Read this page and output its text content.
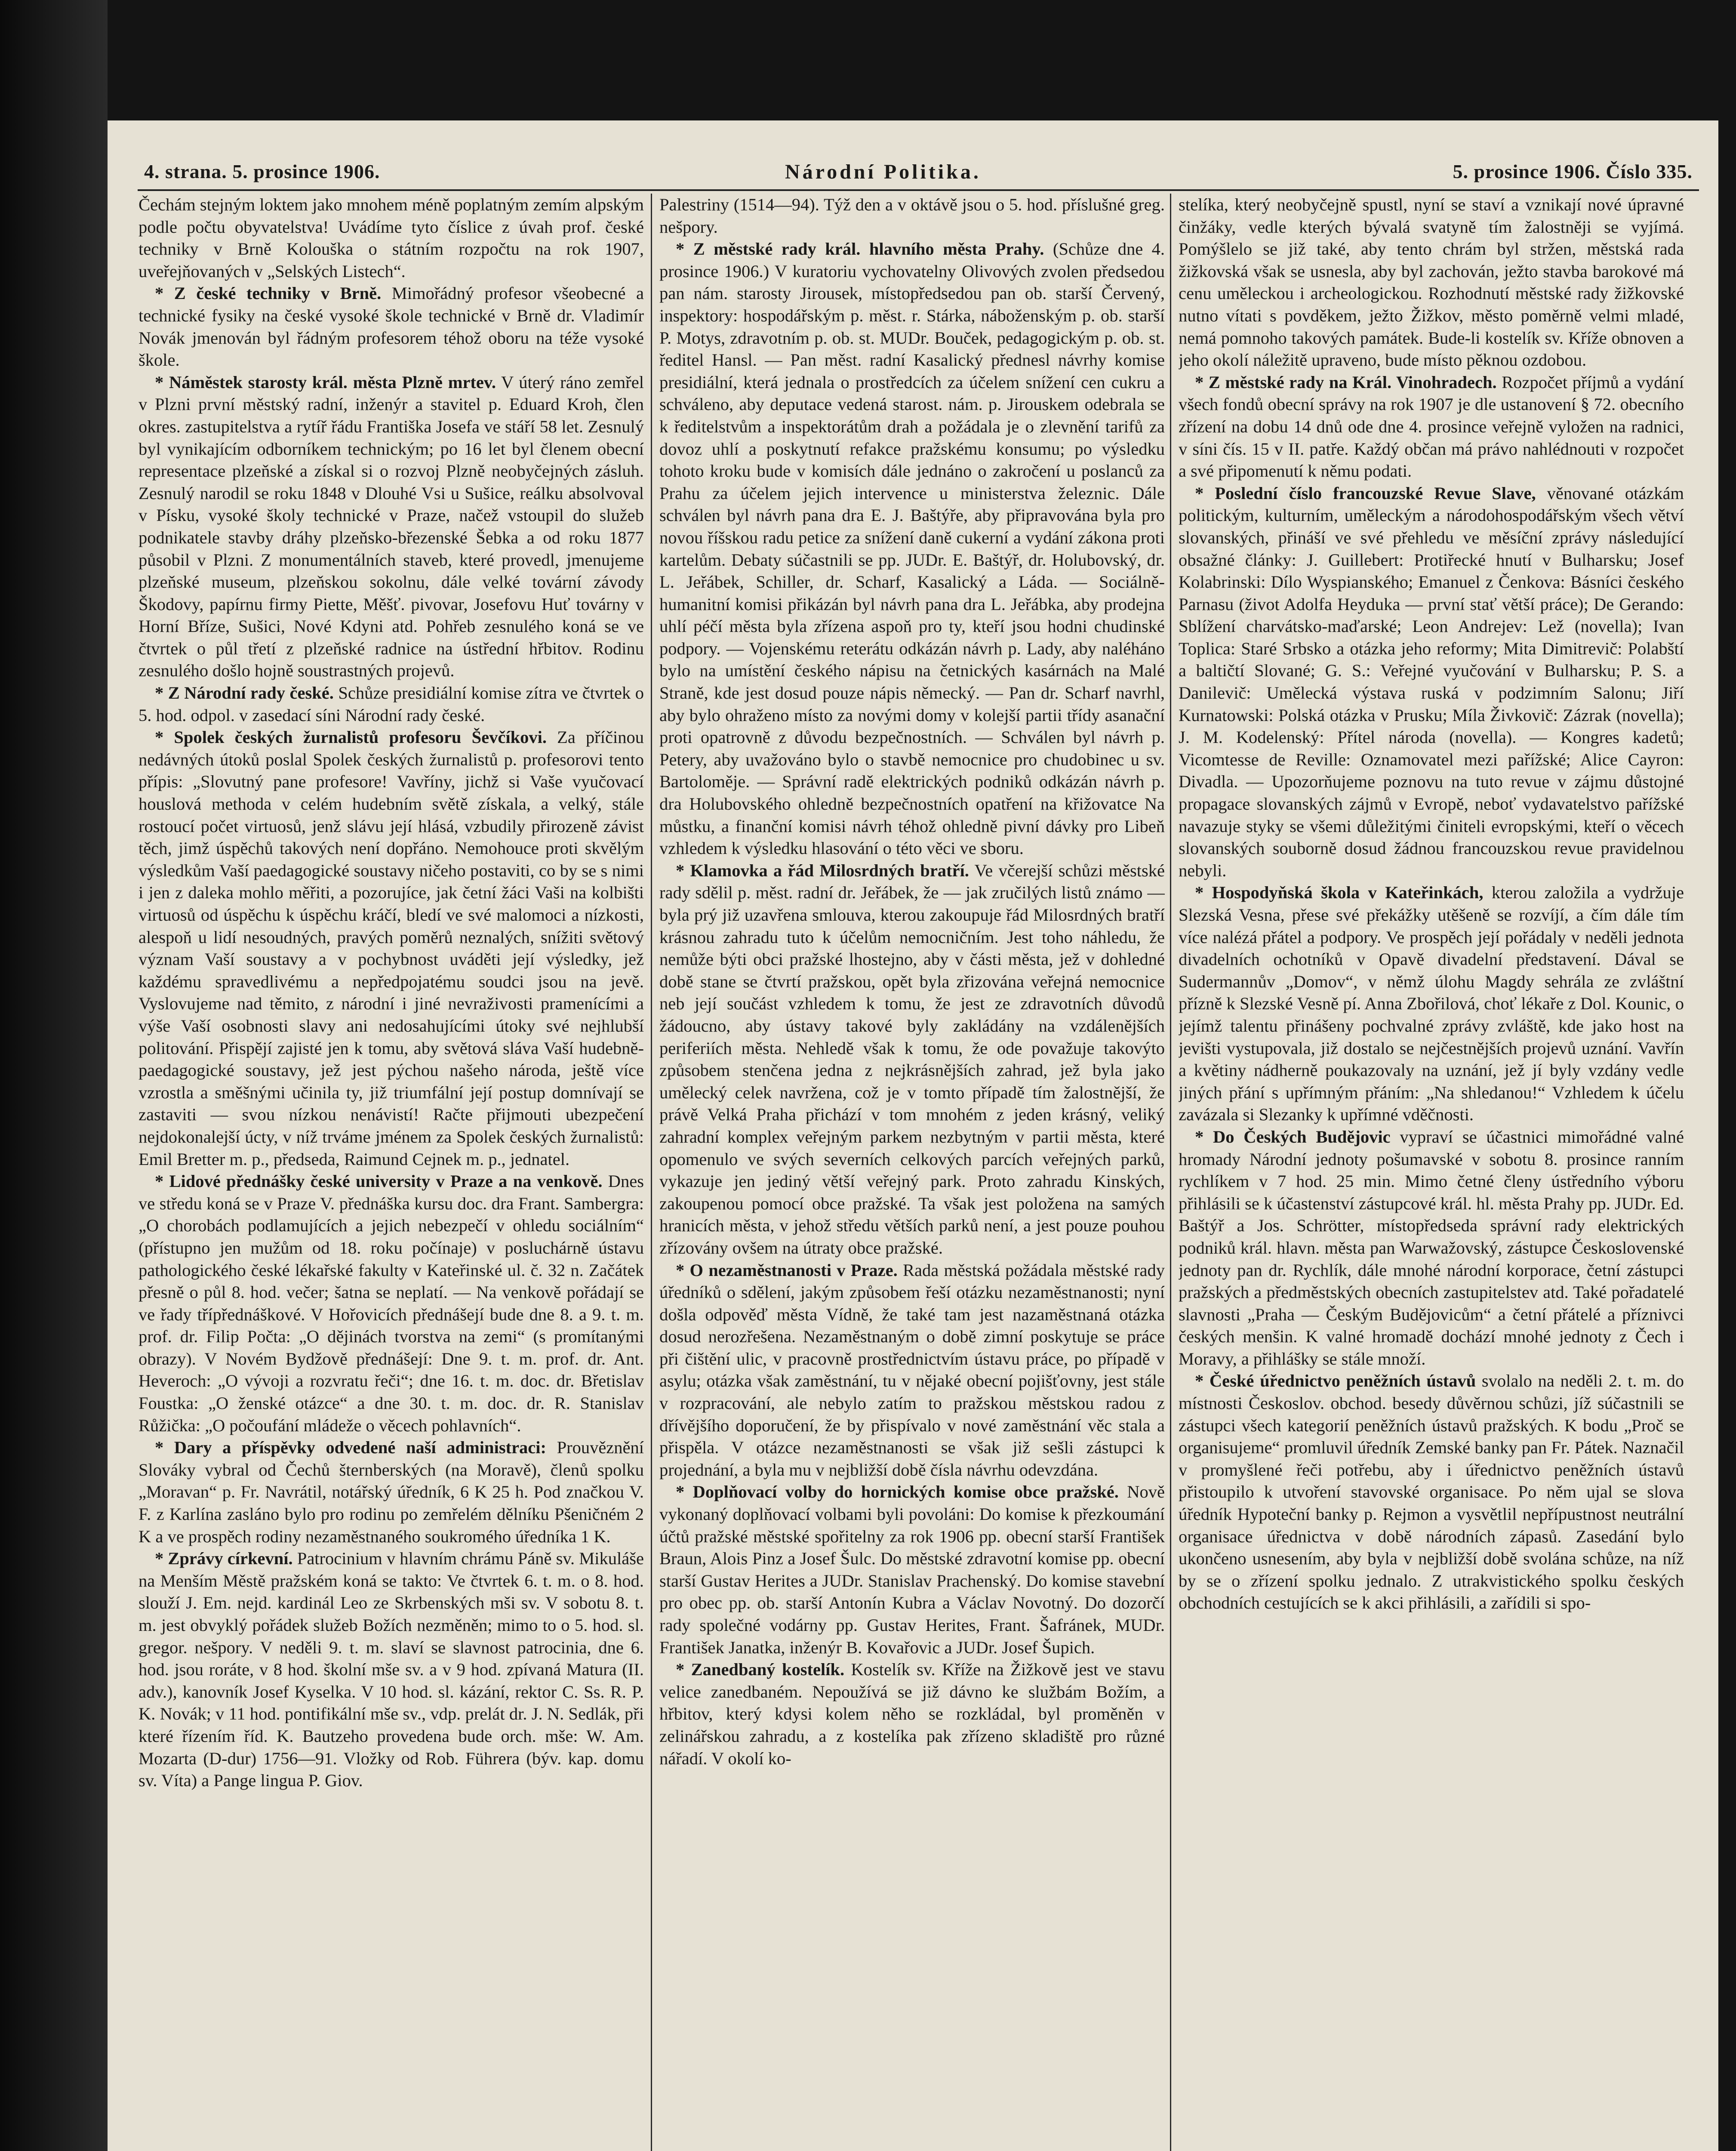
4. strana. 5. prosince 1906.	Národní Politika.	5. prosince 1906. Číslo 335.

Čechám stejným loktem jako mnohem méně poplatným zemím alpským podle počtu obyvatelstva! Uvádíme tyto číslice z úvah prof. české techniky v Brně Kolouška o státním rozpočtu na rok 1907, uveřejňovaných v „Selských Listech“.

* Z české techniky v Brně. Mimořádný profesor všeobecné a technické fysiky na české vysoké škole technické v Brně dr. Vladimír Novák jmenován byl řádným profesorem téhož oboru na téže vysoké škole.

* Náměstek starosty král. města Plzně mrtev. V úterý ráno zemřel v Plzni první městský radní, inženýr a stavitel p. Eduard Kroh, člen okres. zastupitelstva a rytíř řádu Františka Josefa ve stáří 58 let. Zesnulý byl vynikajícím odborníkem technickým; po 16 let byl členem obecní representace plzeňské a získal si o rozvoj Plzně neobyčejných zásluh. Zesnulý narodil se roku 1848 v Dlouhé Vsi u Sušice, reálku absolvoval v Písku, vysoké školy technické v Praze, načež vstoupil do služeb podnikatele stavby dráhy plzeňsko-březenské Šebka a od roku 1877 působil v Plzni. Z monumentálních staveb, které provedl, jmenujeme plzeňské museum, plzeňskou sokolnu, dále velké tovární závody Škodovy, papírnu firmy Piette, Měšť. pivovar, Josefovu Huť továrny v Horní Bříze, Sušici, Nové Kdyni atd. Pohřeb zesnulého koná se ve čtvrtek o půl třetí z plzeňské radnice na ústřední hřbitov. Rodinu zesnulého došlo hojně soustrastných projevů.

* Z Národní rady české. Schůze presidiální komise zítra ve čtvrtek o 5. hod. odpol. v zasedací síni Národní rady české.

* Spolek českých žurnalistů profesoru Ševčíkovi. Za příčinou nedávných útoků poslal Spolek českých žurnalistů p. profesorovi tento přípis: „Slovutný pane profesore! Vavříny, jichž si Vaše vyučovací houslová methoda v celém hudebním světě získala, a velký, stále rostoucí počet virtuosů, jenž slávu její hlásá, vzbudily přirozeně závist těch, jimž úspěchů takových není dopřáno. Nemohouce proti skvělým výsledkům Vaší paedagogické soustavy ničeho postaviti, co by se s nimi i jen z daleka mohlo měřiti, a pozorujíce, jak četní žáci Vaši na kolbišti virtuosů od úspěchu k úspěchu kráčí, bledí ve své malomoci a nízkosti, alespoň u lidí nesoudných, pravých poměrů neznalých, snížiti světový význam Vaší soustavy a v pochybnost uváděti její výsledky, jež každému spravedlivému a nepředpojatému soudci jsou na jevě. Vyslovujeme nad těmito, z národní i jiné nevraživosti pramenícími a výše Vaší osobnosti slavy ani nedosahujícími útoky své nejhlubší politování. Přispějí zajisté jen k tomu, aby světová sláva Vaší hudebně-paedagogické soustavy, jež jest pýchou našeho národa, ještě více vzrostla a směšnými učinila ty, již triumfální její postup domnívají se zastaviti — svou nízkou nenávistí! Račte přijmouti ubezpečení nejdokonalejší úcty, v níž trváme jménem za Spolek českých žurnalistů: Emil Bretter m. p., předseda, Raimund Cejnek m. p., jednatel.

* Lidové přednášky české university v Praze a na venkově. Dnes ve středu koná se v Praze V. přednáška kursu doc. dra Frant. Sambergra: „O chorobách podlamujících a jejich nebezpečí v ohledu sociálním“ (přístupno jen mužům od 18. roku počínaje) v posluchárně ústavu pathologického české lékařské fakulty v Kateřinské ul. č. 32 n. Začátek přesně o půl 8. hod. večer; šatna se neplatí. — Na venkově pořádají se ve řady třípřednáškové. V Hořovicích přednášejí bude dne 8. a 9. t. m. prof. dr. Filip Počta: „O dějinách tvorstva na zemi“ (s promítanými obrazy). V Novém Bydžově přednášejí: Dne 9. t. m. prof. dr. Ant. Heveroch: „O vývoji a rozvratu řeči“; dne 16. t. m. doc. dr. Břetislav Foustka: „O ženské otázce“ a dne 30. t. m. doc. dr. R. Stanislav Růžička: „O počoufání mládeže o věcech pohlavních“.

* Dary a příspěvky odvedené naší administraci: Prouvěznění Slováky vybral od Čechů šternberských (na Moravě), členů spolku „Moravan“ p. Fr. Navrátil, notářský úředník, 6 K 25 h. Pod značkou V. F. z Karlína zasláno bylo pro rodinu po zemřelém dělníku Pšeničném 2 K a ve prospěch rodiny nezaměstnaného soukromého úředníka 1 K.

* Zprávy církevní. Patrocinium v hlavním chrámu Páně sv. Mikuláše na Menším Městě pražském koná se takto: Ve čtvrtek 6. t. m. o 8. hod. slouží J. Em. nejd. kardinál Leo ze Skrbenských mši sv. V sobotu 8. t. m. jest obvyklý pořádek služeb Božích nezměněn; mimo to o 5. hod. sl. gregor. nešpory. V neděli 9. t. m. slaví se slavnost patrocinia, dne 6. hod. jsou roráte, v 8 hod. školní mše sv. a v 9 hod. zpívaná Matura (II. adv.), kanovník Josef Kyselka. V 10 hod. sl. kázání, rektor C. Ss. R. P. K. Novák; v 11 hod. pontifikální mše sv., vdp. prelát dr. J. N. Sedlák, při které řízením říd. K. Bautzeho provedena bude orch. mše: W. Am. Mozarta (D-dur) 1756—91. Vložky od Rob. Führera (býv. kap. domu sv. Víta) a Pange lingua P. Giov.

Palestriny (1514—94). Týž den a v oktávě jsou o 5. hod. příslušné greg. nešpory.

* Z městské rady král. hlavního města Prahy. (Schůze dne 4. prosince 1906.) V kuratoriu vychovatelny Olivových zvolen předsedou pan nám. starosty Jirousek, místopředsedou pan ob. starší Červený, inspektory: hospodářským p. měst. r. Stárka, náboženským p. ob. starší P. Motys, zdravotním p. ob. st. MUDr. Bouček, pedagogickým p. ob. st. ředitel Hansl. — Pan měst. radní Kasalický přednesl návrhy komise presidiální, která jednala o prostředcích za účelem snížení cen cukru a schváleno, aby deputace vedená starost. nám. p. Jirouskem odebrala se k ředitelstvům a inspektorátům drah a požádala je o zlevnění tarifů za dovoz uhlí a poskytnutí refakce pražskému konsumu; po výsledku tohoto kroku bude v komisích dále jednáno o zakročení u poslanců za Prahu za účelem jejich intervence u ministerstva železnic. Dále schválen byl návrh pana dra E. J. Baštýře, aby připravována byla pro novou říšskou radu petice za snížení daně cukerní a vydání zákona proti kartelům. Debaty súčastnili se pp. JUDr. E. Baštýř, dr. Holubovský, dr. L. Jeřábek, Schiller, dr. Scharf, Kasalický a Láda. — Sociálně-humanitní komisi přikázán byl návrh pana dra L. Jeřábka, aby prodejna uhlí péčí města byla zřízena aspoň pro ty, kteří jsou hodni chudinské podpory. — Vojenskému reterátu odkázán návrh p. Lady, aby naléháno bylo na umístění českého nápisu na četnických kasárnách na Malé Straně, kde jest dosud pouze nápis německý. — Pan dr. Scharf navrhl, aby bylo ohraženo místo za novými domy v kolejší partii třídy asanační proti opatrovně z důvodu bezpečnostních. — Schválen byl návrh p. Petery, aby uvažováno bylo o stavbě nemocnice pro chudobinec u sv. Bartoloměje. — Správní radě elektrických podniků odkázán návrh p. dra Holubovského ohledně bezpečnostních opatření na křižovatce Na můstku, a finanční komisi návrh téhož ohledně pivní dávky pro Libeň vzhledem k výsledku hlasování o této věci ve sboru.

* Klamovka a řád Milosrdných bratří. Ve včerejší schůzi městské rady sdělil p. měst. radní dr. Jeřábek, že — jak zručilých listů známo — byla prý již uzavřena smlouva, kterou zakoupuje řád Milosrdných bratří krásnou zahradu tuto k účelům nemocničním. Jest toho náhledu, že nemůže býti obci pražské lhostejno, aby v části města, jež v dohledné době stane se čtvrtí pražskou, opět byla zřizována veřejná nemocnice neb její součást vzhledem k tomu, že jest ze zdravotních důvodů žádoucno, aby ústavy takové byly zakládány na vzdálenějších periferiích města. Nehledě však k tomu, že ode považuje takovýto způsobem stenčena jedna z nejkrásnějších zahrad, jež byla jako umělecký celek navržena, což je v tomto případě tím žalostnější, že právě Velká Praha přichází v tom mnohém z jeden krásný, veliký zahradní komplex veřejným parkem nezbytným v partii města, které opomenulo ve svých severních celkových parcích veřejných parků, vykazuje jen jediný větší veřejný park. Proto zahradu Kinských, zakoupenou pomocí obce pražské. Ta však jest položena na samých hranicích města, v jehož středu větších parků není, a jest pouze pouhou zřízovány ovšem na útraty obce pražské.

* O nezaměstnanosti v Praze. Rada městská požádala městské rady úředníků o sdělení, jakým způsobem řeší otázku nezaměstnanosti; nyní došla odpověď města Vídně, že také tam jest nazaměstnaná otázka dosud nerozřešena. Nezaměstnaným o době zimní poskytuje se práce při čištění ulic, v pracovně prostřednictvím ústavu práce, po případě v asylu; otázka však zaměstnání, tu v nějaké obecní pojišťovny, jest stále v rozpracování, ale nebylo zatím to pražskou městskou radou z dřívějšího doporučení, že by přispívalo v nové zaměstnání věc stala a přispěla. V otázce nezaměstnanosti se však již sešli zástupci k projednání, a byla mu v nejbližší době čísla návrhu odevzdána.

* Doplňovací volby do hornických komise obce pražské. Nově vykonaný doplňovací volbami byli povoláni: Do komise k přezkoumání účtů pražské městské spořitelny za rok 1906 pp. obecní starší František Braun, Alois Pinz a Josef Šulc. Do městské zdravotní komise pp. obecní starší Gustav Herites a JUDr. Stanislav Prachenský. Do komise stavební pro obec pp. ob. starší Antonín Kubra a Václav Novotný. Do dozorčí rady společné vodárny pp. Gustav Herites, Frant. Šafránek, MUDr. František Janatka, inženýr B. Kovařovic a JUDr. Josef Šupich.

* Zanedbaný kostelík. Kostelík sv. Kříže na Žižkově jest ve stavu velice zanedbaném. Nepoužívá se již dávno ke službám Božím, a hřbitov, který kdysi kolem něho se rozkládal, byl proměněn v zelinářskou zahradu, a z kostelíka pak zřízeno skladiště pro různé nářadí. V okolí ko-

stelíka, který neobyčejně spustl, nyní se staví a vznikají nové úpravné činžáky, vedle kterých bývalá svatyně tím žalostněji se vyjímá. Pomýšlelo se již také, aby tento chrám byl stržen, městská rada žižkovská však se usnesla, aby byl zachován, ježto stavba barokové má cenu uměleckou i archeologickou. Rozhodnutí městské rady žižkovské nutno vítati s povděkem, ježto Žižkov, město poměrně velmi mladé, nemá pomnoho takových památek. Bude-li kostelík sv. Kříže obnoven a jeho okolí náležitě upraveno, bude místo pěknou ozdobou.

* Z městské rady na Král. Vinohradech. Rozpočet příjmů a vydání všech fondů obecní správy na rok 1907 je dle ustanovení § 72. obecního zřízení na dobu 14 dnů ode dne 4. prosince veřejně vyložen na radnici, v síni čís. 15 v II. patře. Každý občan má právo nahlédnouti v rozpočet a své připomenutí k němu podati.

* Poslední číslo francouzské Revue Slave, věnované otázkám politickým, kulturním, uměleckým a národohospodářským všech větví slovanských, přináší ve své přehledu ve měsíční zprávy následující obsažné články: J. Guillebert: Protiřecké hnutí v Bulharsku; Josef Kolabrinski: Dílo Wyspianského; Emanuel z Čenkova: Básníci českého Parnasu (život Adolfa Heyduka — první stať větší práce); De Gerando: Sblížení charvátsko-maďarské; Leon Andrejev: Lež (novella); Ivan Toplica: Staré Srbsko a otázka jeho reformy; Mita Dimitrevič: Polabští a baltičtí Slované; G. S.: Veřejné vyučování v Bulharsku; P. S. a Danilevič: Umělecká výstava ruská v podzimním Salonu; Jiří Kurnatowski: Polská otázka v Prusku; Míla Živkovič: Zázrak (novella); J. M. Kodelenský: Přítel národa (novella). — Kongres kadetů; Vicomtesse de Reville: Oznamovatel mezi pařížské; Alice Cayron: Divadla. — Upozorňujeme poznovu na tuto revue v zájmu důstojné propagace slovanských zájmů v Evropě, neboť vydavatelstvo pařížské navazuje styky se všemi důležitými činiteli evropskými, kteří o věcech slovanských souborně dosud žádnou francouzskou revue pravidelnou nebyli.

* Hospodyňská škola v Kateřinkách, kterou založila a vydržuje Slezská Vesna, přese své překážky utěšeně se rozvíjí, a čím dále tím více nalézá přátel a podpory. Ve prospěch její pořádaly v neděli jednota divadelních ochotníků v Opavě divadelní představení. Dával se Sudermannův „Domov“, v němž úlohu Magdy sehrála ze zvláštní přízně k Slezské Vesně pí. Anna Zbořilová, choť lékaře z Dol. Kounic, o jejímž talentu přinášeny pochvalné zprávy zvláště, kde jako host na jevišti vystupovala, již dostalo se nejčestnějších projevů uznání. Vavřín a květiny nádherně poukazovaly na uznání, jež jí byly vzdány vedle jiných přání s upřímným přáním: „Na shledanou!“ Vzhledem k účelu zavázala si Slezanky k upřímné vděčnosti.

* Do Českých Budějovic vypraví se účastnici mimořádné valné hromady Národní jednoty pošumavské v sobotu 8. prosince ranním rychlíkem v 7 hod. 25 min. Mimo četné členy ústředního výboru přihlásili se k účastenství zástupcové král. hl. města Prahy pp. JUDr. Ed. Baštýř a Jos. Schrötter, místopředseda správní rady elektrických podniků král. hlavn. města pan Warwažovský, zástupce Československé jednoty pan dr. Rychlík, dále mnohé národní korporace, četní zástupci pražských a předměstských obecních zastupitelstev atd. Také pořadatelé slavnosti „Praha — Českým Budějovicům“ a četní přátelé a příznivci českých menšin. K valné hromadě dochází mnohé jednoty z Čech i Moravy, a přihlášky se stále množí.

* České úřednictvo peněžních ústavů svolalo na neděli 2. t. m. do místnosti Českoslov. obchod. besedy důvěrnou schůzi, jíž súčastnili se zástupci všech kategorií peněžních ústavů pražských. K bodu „Proč se organisujeme“ promluvil úředník Zemské banky pan Fr. Pátek. Naznačil v promyšlené řeči potřebu, aby i úřednictvo peněžních ústavů přistoupilo k utvoření stavovské organisace. Po něm ujal se slova úředník Hypoteční banky p. Rejmon a vysvětlil nepřípustnost neutrální organisace úřednictva v době národních zápasů. Zasedání bylo ukončeno usnesením, aby byla v nejbližší době svolána schůze, na níž by se o zřízení spolku jednalo. Z utrakvistického spolku českých obchodních cestujících se k akci přihlásili, a zařídili si spo-
